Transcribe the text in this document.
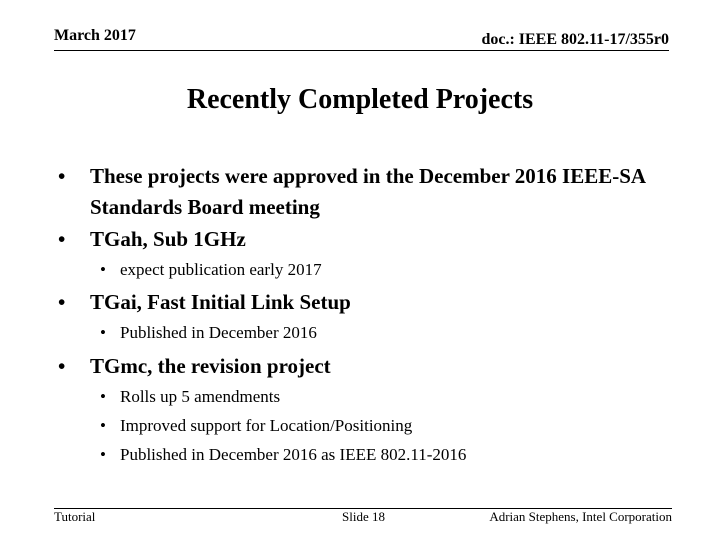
March 2017	doc.: IEEE 802.11-17/355r0
Recently Completed Projects
• These projects were approved in the December 2016 IEEE-SA Standards Board meeting
• TGah, Sub 1GHz
• expect publication early 2017
• TGai, Fast Initial Link Setup
• Published in December 2016
• TGmc, the revision project
• Rolls up 5 amendments
• Improved support for Location/Positioning
• Published in December 2016 as IEEE 802.11-2016
Tutorial	Slide 18	Adrian Stephens, Intel Corporation
